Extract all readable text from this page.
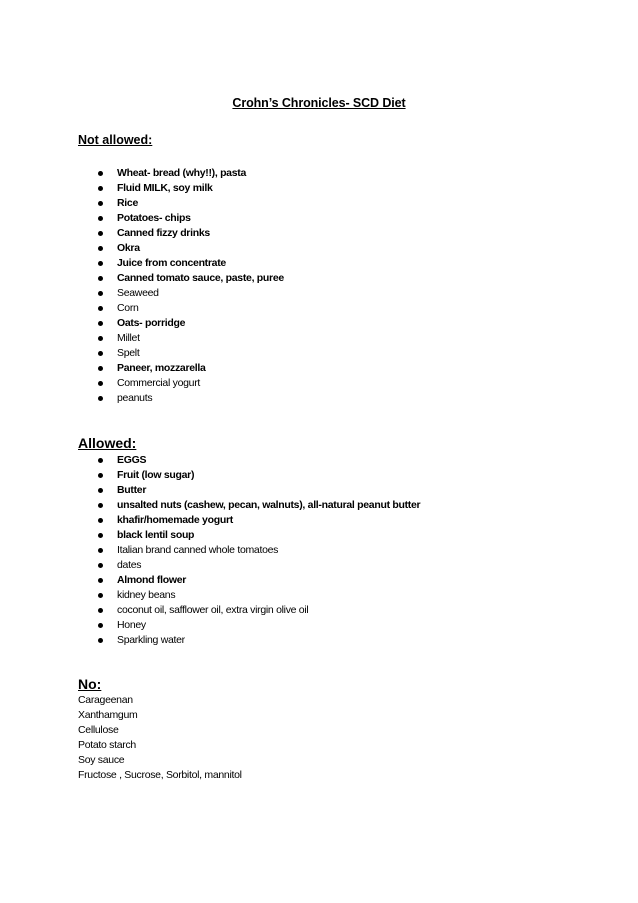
Crohn’s Chronicles- SCD Diet
Not allowed:
Wheat- bread (why!!), pasta
Fluid MILK, soy milk
Rice
Potatoes- chips
Canned fizzy drinks
Okra
Juice from concentrate
Canned tomato sauce, paste, puree
Seaweed
Corn
Oats- porridge
Millet
Spelt
Paneer, mozzarella
Commercial yogurt
peanuts
Allowed:
EGGS
Fruit (low sugar)
Butter
unsalted nuts (cashew, pecan, walnuts), all-natural peanut butter
khafir/homemade yogurt
black lentil soup
Italian brand canned whole tomatoes
dates
Almond flower
kidney beans
coconut oil, safflower oil, extra virgin olive oil
Honey
Sparkling water
No:
Carageenan
Xanthamgum
Cellulose
Potato starch
Soy sauce
Fructose , Sucrose, Sorbitol, mannitol
